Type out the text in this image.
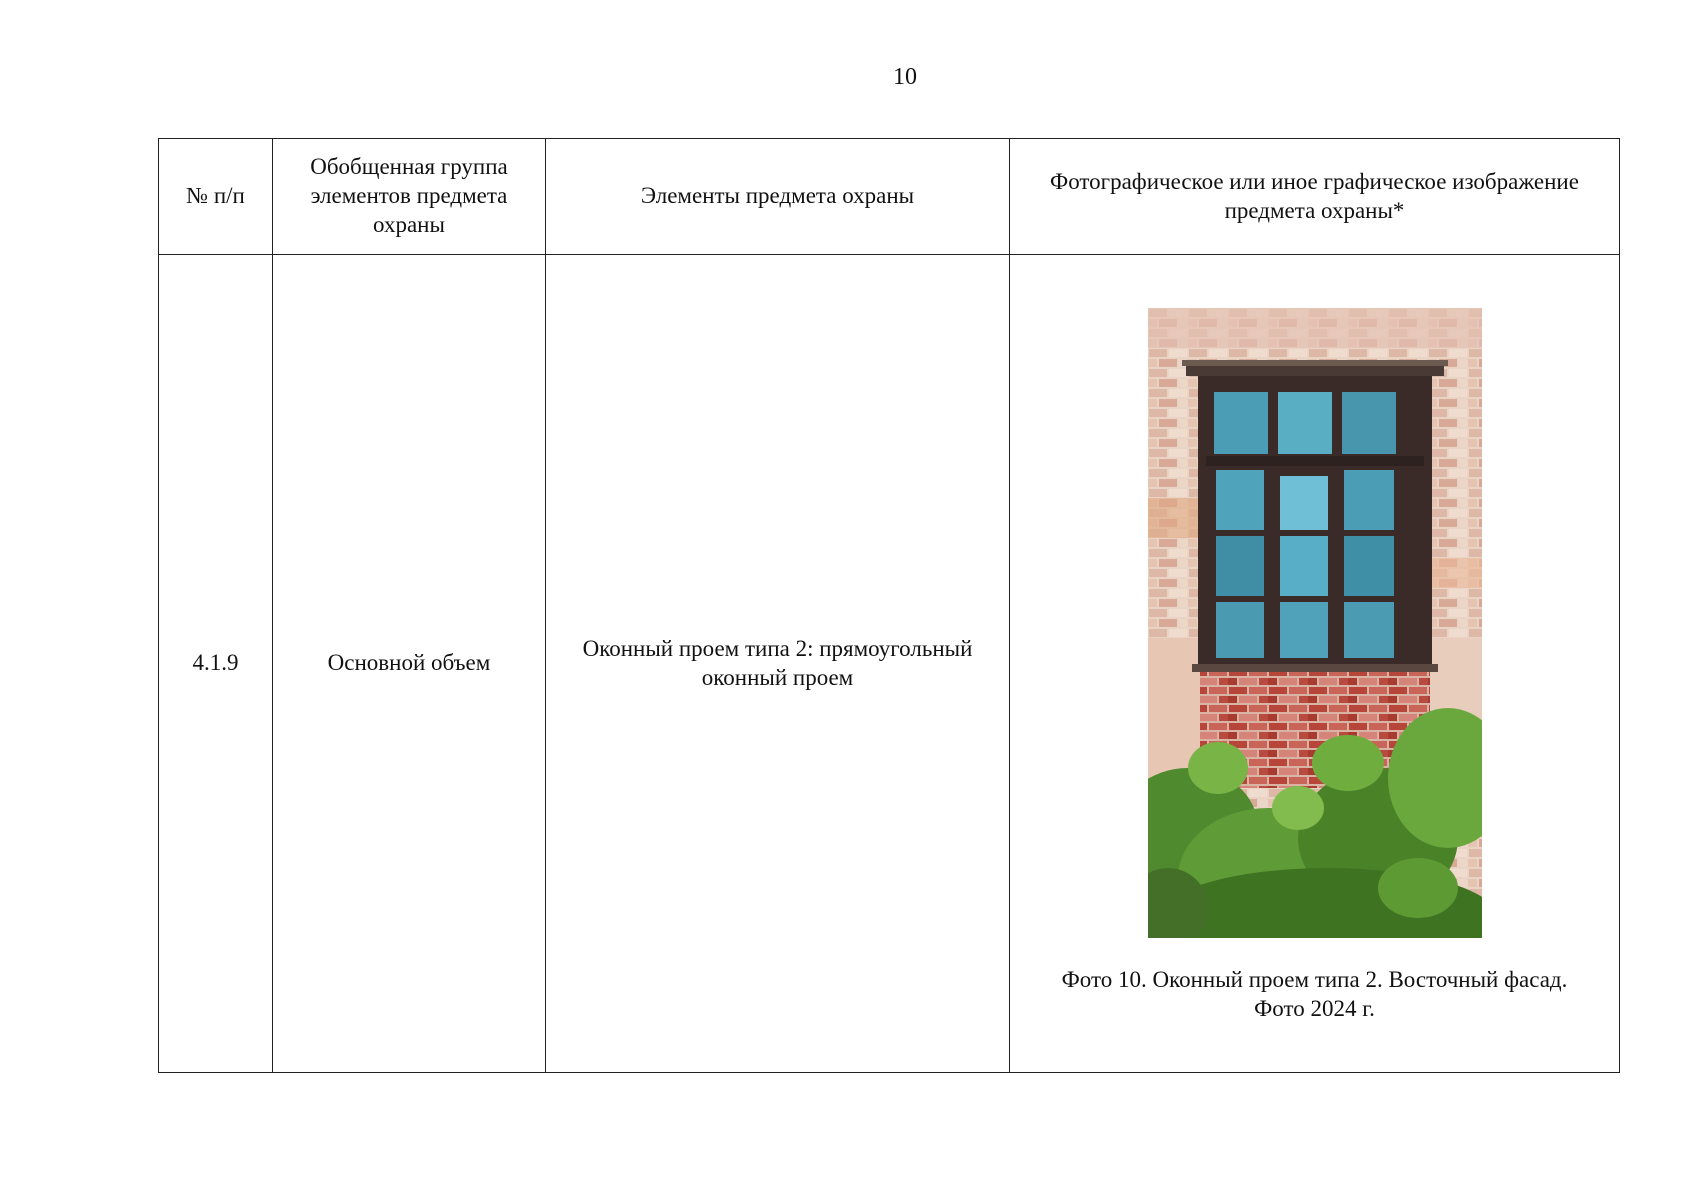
10
№ п/п	Обобщенная группа элементов предмета охраны	Элементы предмета охраны	Фотографическое или иное графическое изображение предмета охраны*
4.1.9	Основной объем	Оконный проем типа 2: прямоугольный оконный проем	Фото 10. Оконный проем типа 2. Восточный фасад.
Фото 2024 г.
